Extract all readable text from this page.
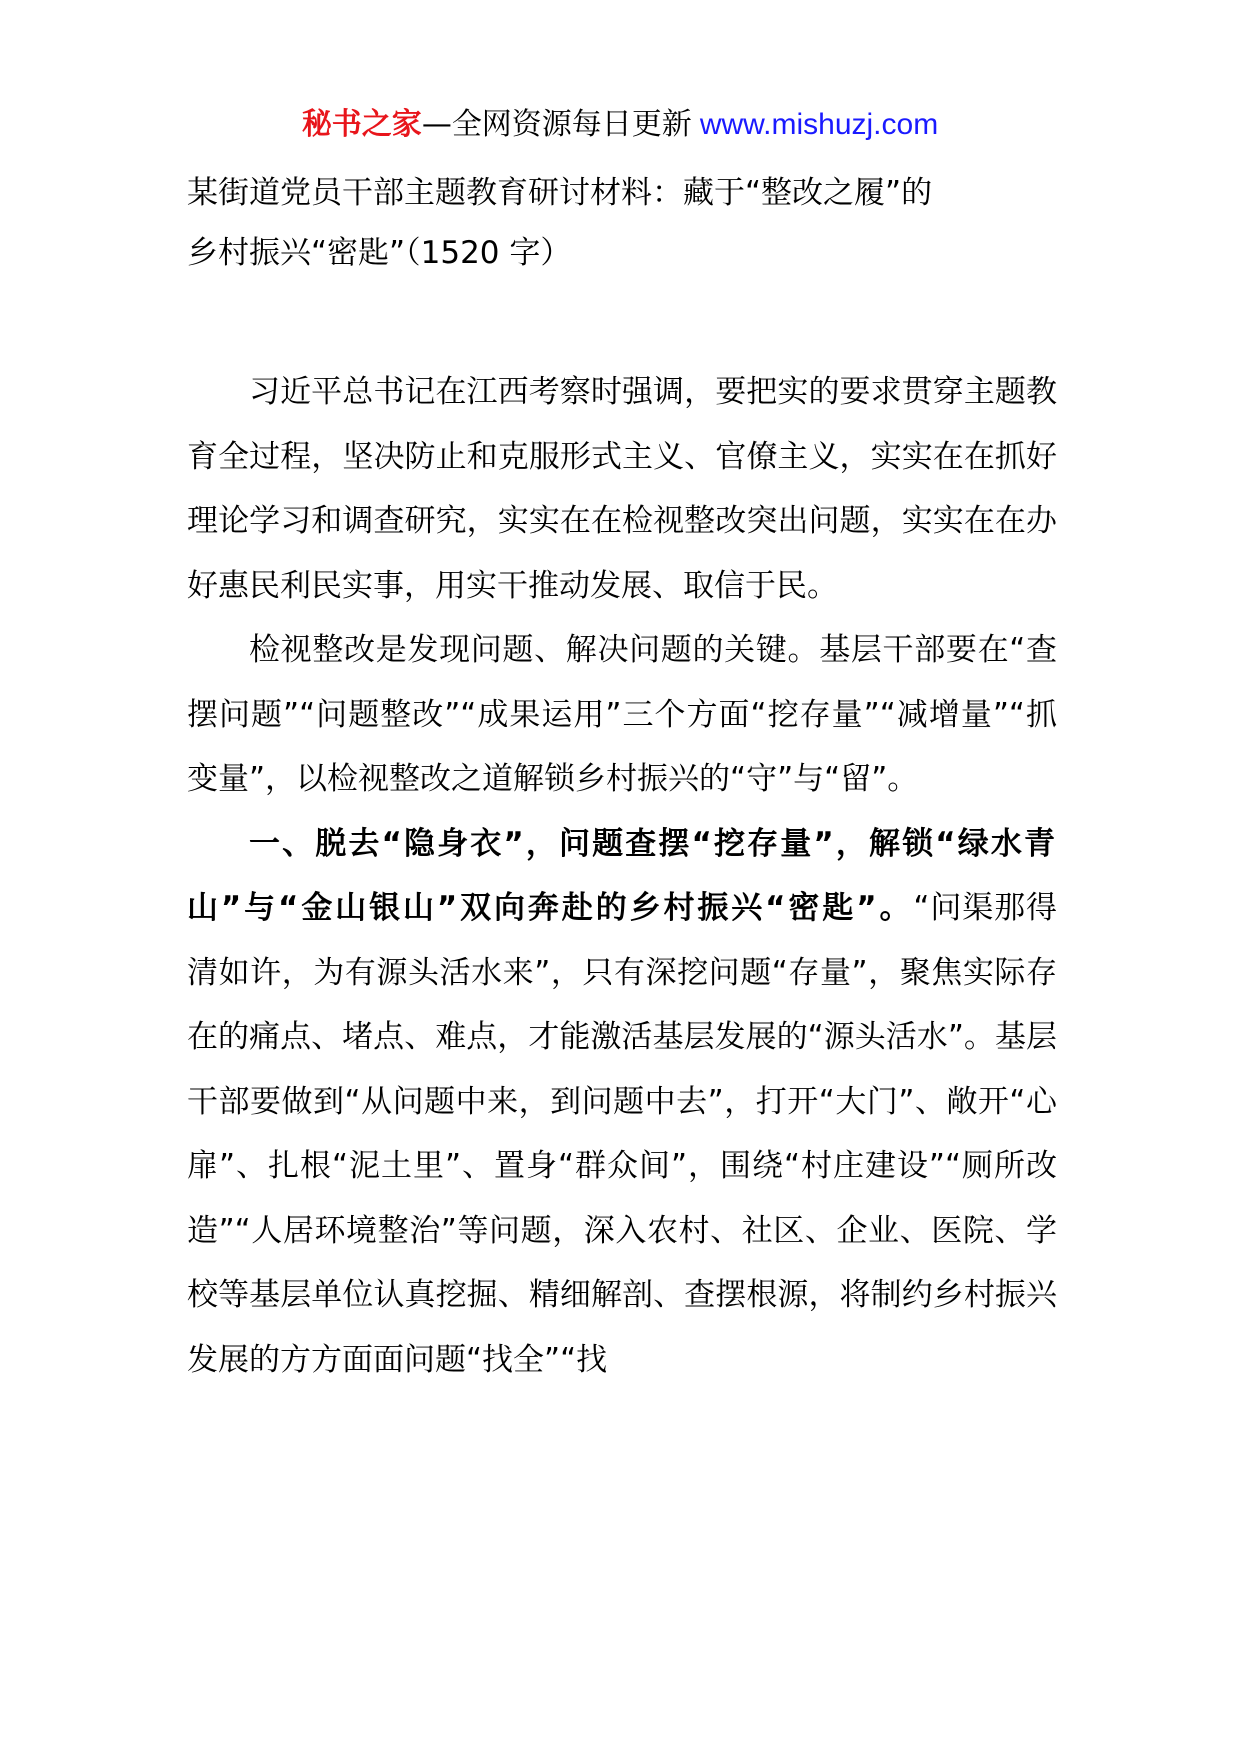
秘书之家—全网资源每日更新 www.mishuzj.com

某街道党员干部主题教育研讨材料：藏于“整改之履”的

乡村振兴“密匙”（1520 字）

习近平总书记在江西考察时强调，要把实的要求贯穿主题教育全过程，坚决防止和克服形式主义、官僚主义，实实在在抓好理论学习和调查研究，实实在在检视整改突出问题，实实在在办好惠民利民实事，用实干推动发展、取信于民。

检视整改是发现问题、解决问题的关键。基层干部要在“查摆问题”“问题整改”“成果运用”三个方面“挖存量”“减增量”“抓变量”，以检视整改之道解锁乡村振兴的“守”与“留”。

一、脱去“隐身衣”，问题查摆“挖存量”，解锁“绿水青山”与“金山银山”双向奔赴的乡村振兴“密匙”。“问渠那得清如许，为有源头活水来”，只有深挖问题“存量”，聚焦实际存在的痛点、堵点、难点，才能激活基层发展的“源头活水”。基层干部要做到“从问题中来，到问题中去”，打开“大门”、敞开“心扉”、扎根“泥土里”、置身“群众间”，围绕“村庄建设”“厕所改造”“人居环境整治”等问题，深入农村、社区、企业、医院、学校等基层单位认真挖掘、精细解剖、查摆根源，将制约乡村振兴发展的方方面面问题“找全”“找
